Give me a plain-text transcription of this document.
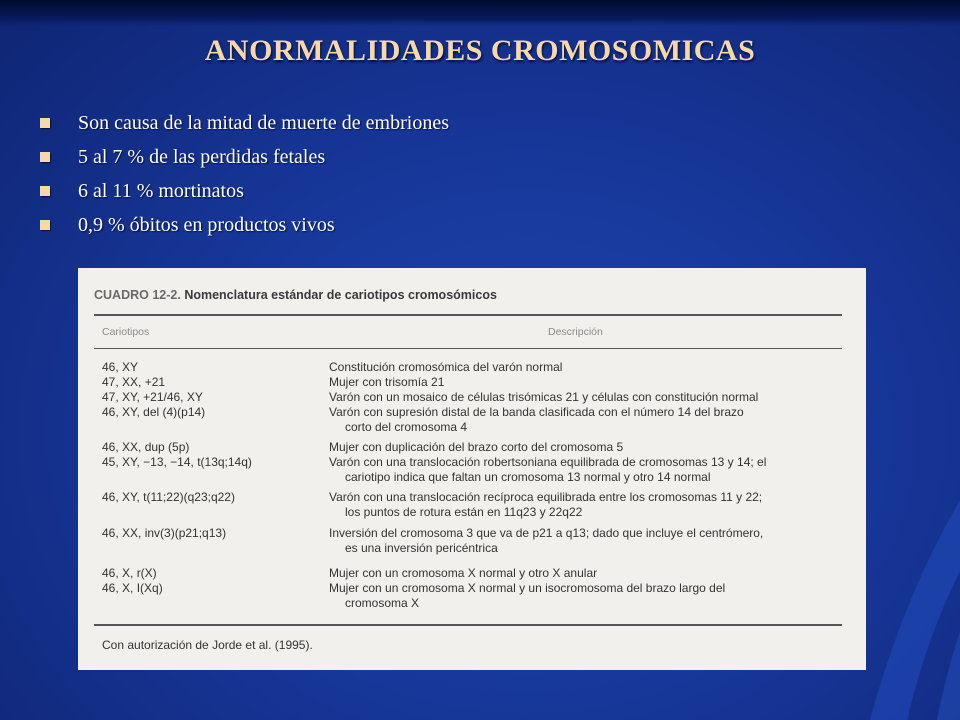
ANORMALIDADES CROMOSOMICAS
Son causa de la mitad de muerte de embriones
5 al 7 % de las perdidas fetales
6 al 11 % mortinatos
0,9 % óbitos en productos vivos
CUADRO 12-2. Nomenclatura estándar de cariotipos cromosómicos
Cariotipos	Descripción
46, XY	Constitución cromosómica del varón normal
47, XX, +21	Mujer con trisomía 21
47, XY, +21/46, XY	Varón con un mosaico de células trisómicas 21 y células con constitución normal
46, XY, del (4)(p14)	Varón con supresión distal de la banda clasificada con el número 14 del brazo
corto del cromosoma 4
46, XX, dup (5p)	Mujer con duplicación del brazo corto del cromosoma 5
45, XY, −13, −14, t(13q;14q)	Varón con una translocación robertsoniana equilibrada de cromosomas 13 y 14; el
cariotipo indica que faltan un cromosoma 13 normal y otro 14 normal
46, XY, t(11;22)(q23;q22)	Varón con una translocación recíproca equilibrada entre los cromosomas 11 y 22;
los puntos de rotura están en 11q23 y 22q22
46, XX, inv(3)(p21;q13)	Inversión del cromosoma 3 que va de p21 a q13; dado que incluye el centrómero,
es una inversión pericéntrica
46, X, r(X)	Mujer con un cromosoma X normal y otro X anular
46, X, I(Xq)	Mujer con un cromosoma X normal y un isocromosoma del brazo largo del
cromosoma X
Con autorización de Jorde et al. (1995).
